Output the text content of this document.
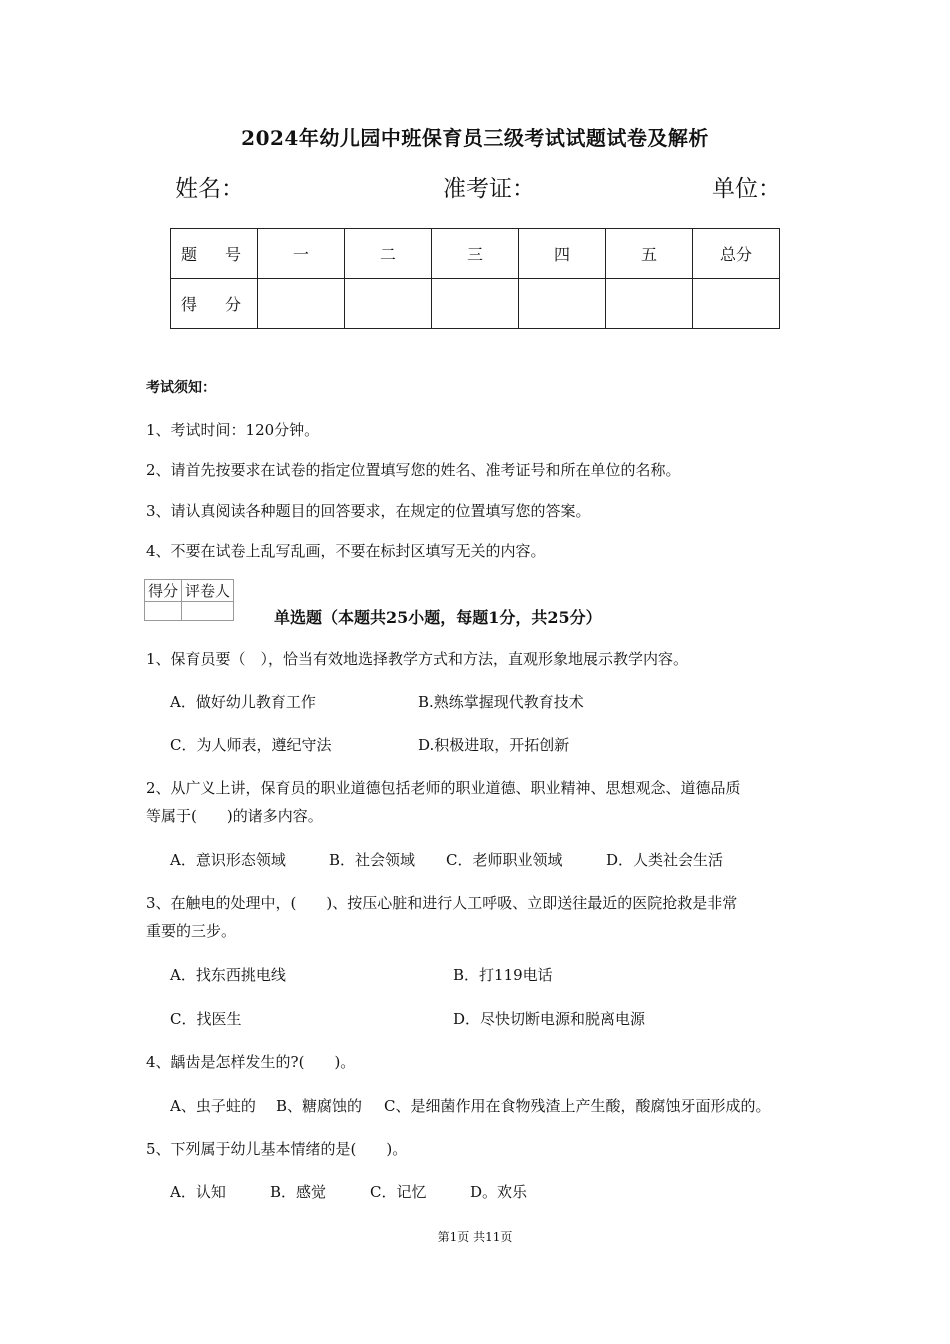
2024年幼儿园中班保育员三级考试试题试卷及解析
姓名：	准考证：	单位：
题　号	一	二	三	四	五	总分
得　分						
考试须知：
1、考试时间：120分钟。
2、请首先按要求在试卷的指定位置填写您的姓名、准考证号和所在单位的名称。
3、请认真阅读各种题目的回答要求，在规定的位置填写您的答案。
4、不要在试卷上乱写乱画，不要在标封区填写无关的内容。
得分	评卷人

单选题（本题共25小题，每题1分，共25分）
1、保育员要（　），恰当有效地选择教学方式和方法，直观形象地展示教学内容。
A．做好幼儿教育工作	B.熟练掌握现代教育技术
C．为人师表，遵纪守法	D.积极进取，开拓创新
2、从广义上讲，保育员的职业道德包括老师的职业道德、职业精神、思想观念、道德品质
等属于(　　)的诸多内容。
A．意识形态领域	B．社会领域 C．老师职业领域	D．人类社会生活
3、在触电的处理中，(　　)、按压心脏和进行人工呼吸、立即送往最近的医院抢救是非常
重要的三步。
A．找东西挑电线	B．打119电话
C．找医生	D．尽快切断电源和脱离电源
4、龋齿是怎样发生的?(　　)。
A、虫子蛀的 B、糖腐蚀的 C、是细菌作用在食物残渣上产生酸，酸腐蚀牙面形成的。
5、下列属于幼儿基本情绪的是(　　)。
A．认知	B．感觉	C．记忆	D。欢乐
第1页 共11页
